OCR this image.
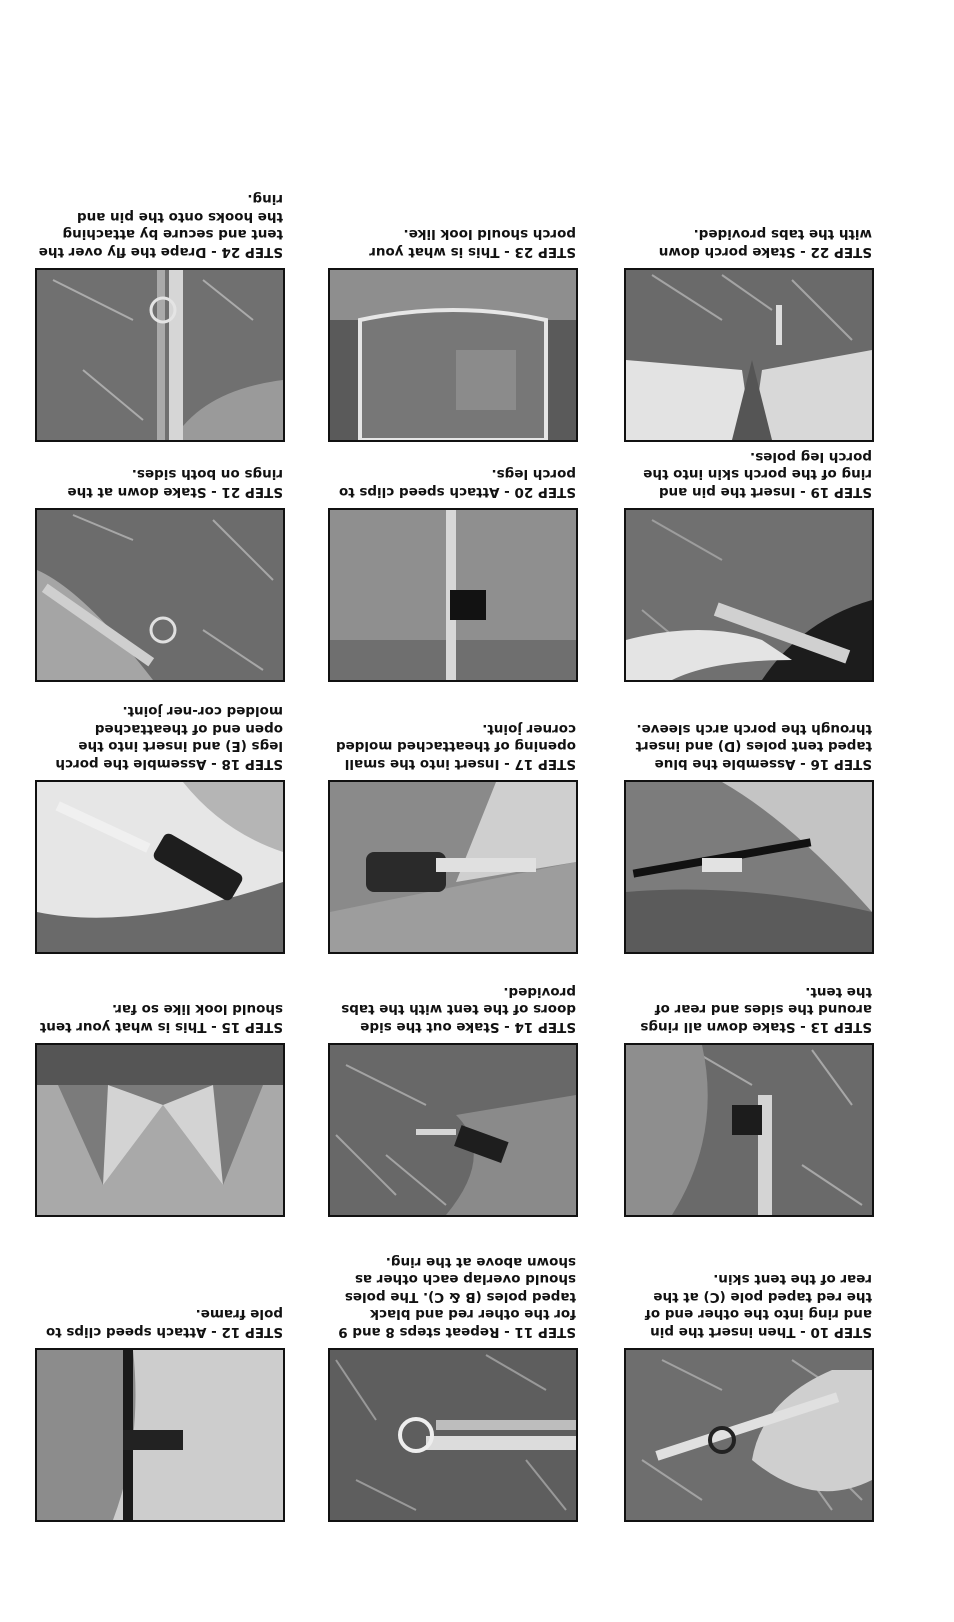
STEP 10 - Then insert the pin and ring into the other end of the red taped pole (C) at the rear of the tent skin.
STEP 11 - Repeat steps 8 and 9 for the other red and black taped poles (B & C). The poles should overlap each other as shown above at the ring.
STEP 12 - Attach speed clips to pole frame.
STEP 13 - Stake down all rings around the sides and rear of the tent.
STEP 14 - Stake out the side doors of the tent with the tabs provided.
STEP 15 - This is what your tent should look like so far.
STEP 16 - Assemble the blue taped tent poles (D) and insert through the porch arch sleeve.
STEP 17 - Insert into the small opening of theattached molded corner joint.
STEP 18 - Assemble the porch legs (E) and insert into the open end of theattached molded cor-ner joint.
STEP 19 - Insert the pin and ring of the porch skin into the porch leg poles.
STEP 20 - Attach speed clips to porch legs.
STEP 21 - Stake down at the rings on both sides.
STEP 22 - Stake porch down with the tabs provided.
STEP 23 - This is what your porch should look like.
STEP 24 - Drape the fly over the tent and secure by attaching the hooks onto the pin and ring.
